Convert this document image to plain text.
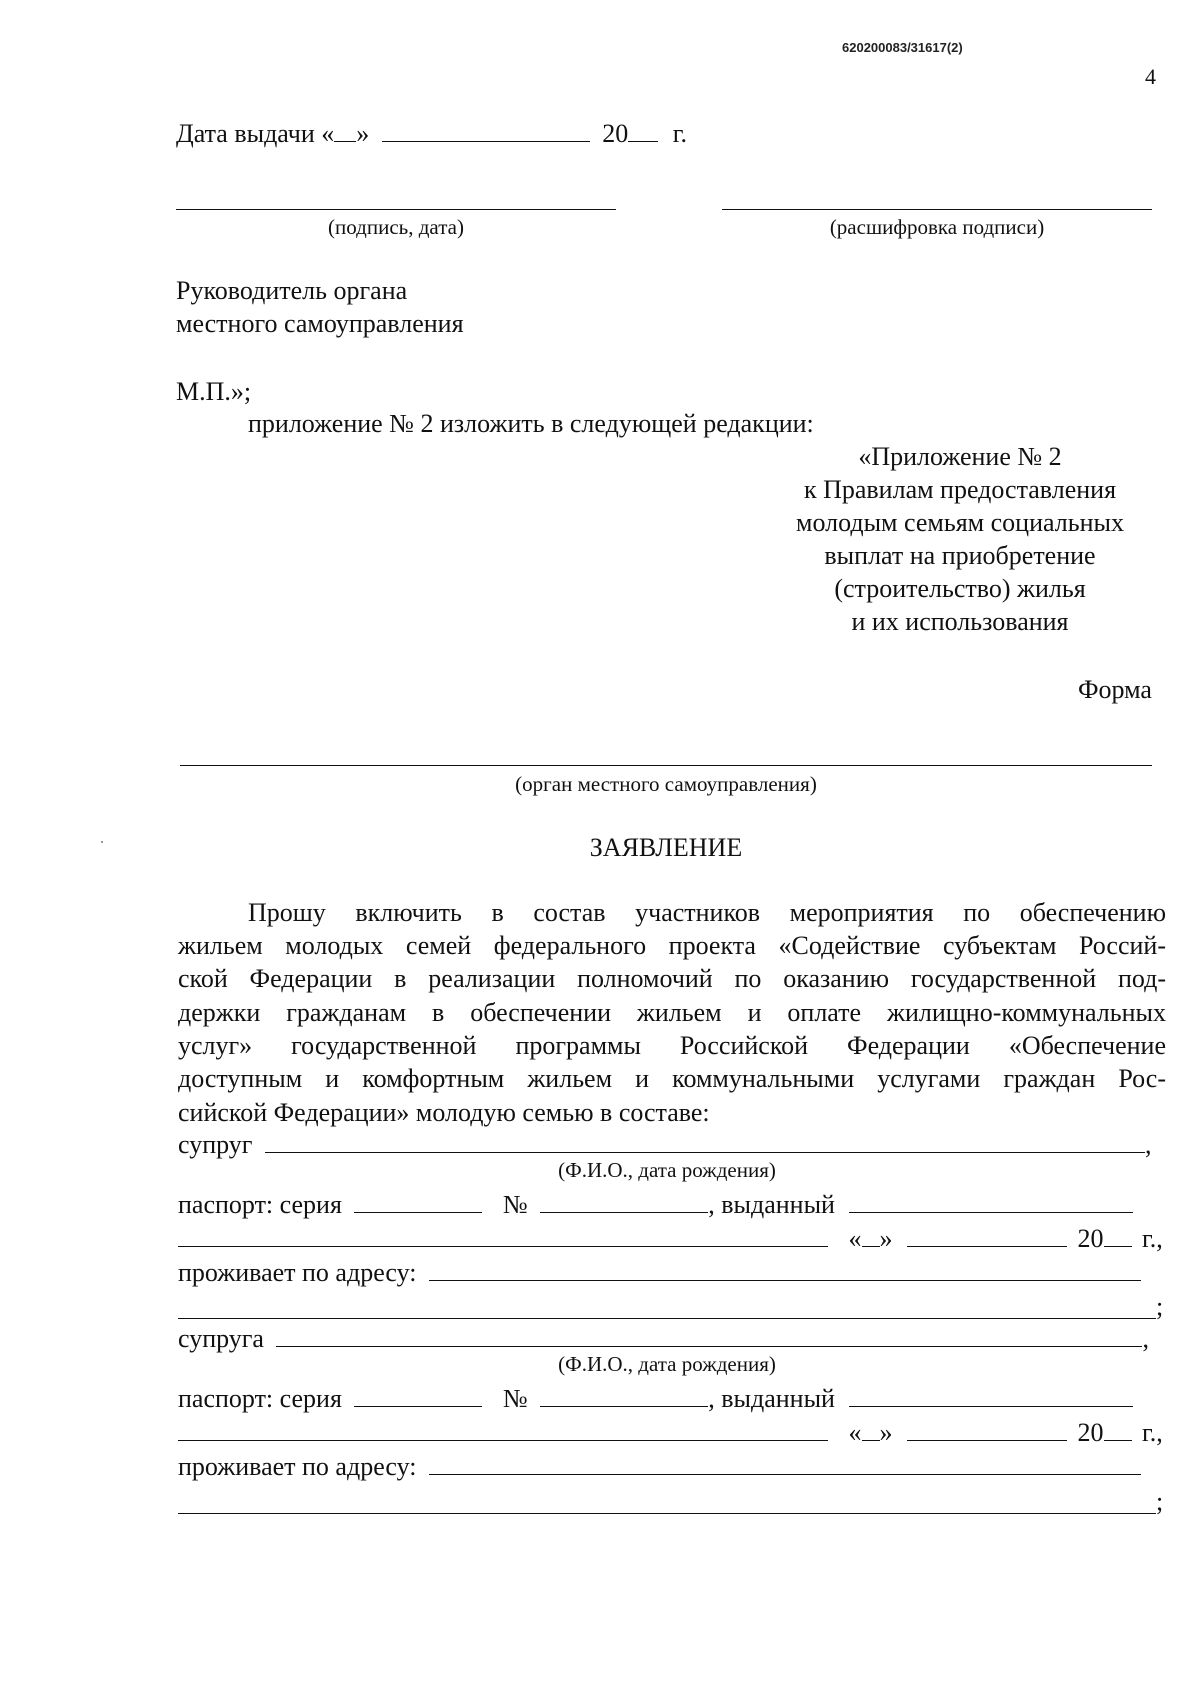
620200083/31617(2)
4
Дата выдачи « »	20 г.
(подпись, дата)	(расшифровка подписи)
Руководитель органа
местного самоуправления
М.П.»;
приложение № 2 изложить в следующей редакции:
«Приложение № 2
к Правилам предоставления
молодым семьям социальных
выплат на приобретение
(строительство) жилья
и их использования
Форма
(орган местного самоуправления)
ЗАЯВЛЕНИЕ
Прошу включить в состав участников мероприятия по обеспечению
жильем молодых семей федерального проекта «Содействие субъектам Россий-
ской Федерации в реализации полномочий по оказанию государственной под-
держки гражданам в обеспечении жильем и оплате жилищно-коммунальных
услуг» государственной программы Российской Федерации «Обеспечение
доступным и комфортным жильем и коммунальными услугами граждан Рос-
сийской Федерации» молодую семью в составе:
супруг	,
(Ф.И.О., дата рождения)
паспорт: серия	№	, выданный
« »	20 г.,
проживает по адресу:
;
супруга	,
(Ф.И.О., дата рождения)
паспорт: серия	№	, выданный
« »	20 г.,
проживает по адресу:
;
